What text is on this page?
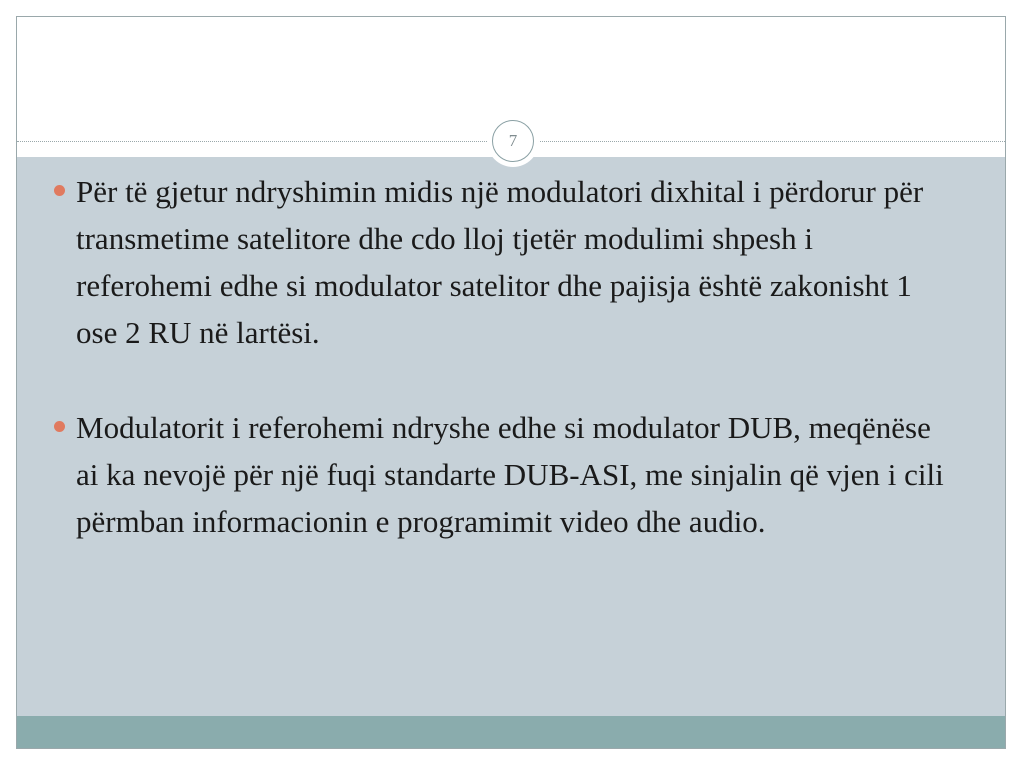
7
Për të gjetur ndryshimin midis një modulatori dixhital i përdorur për transmetime satelitore dhe cdo lloj tjetër modulimi shpesh i referohemi edhe si modulator satelitor dhe pajisja është zakonisht 1 ose 2 RU në lartësi.
Modulatorit i referohemi ndryshe edhe si modulator DUB, meqënëse ai ka nevojë për një fuqi standarte DUB-ASI, me sinjalin që vjen i cili përmban informacionin e programimit video dhe audio.
